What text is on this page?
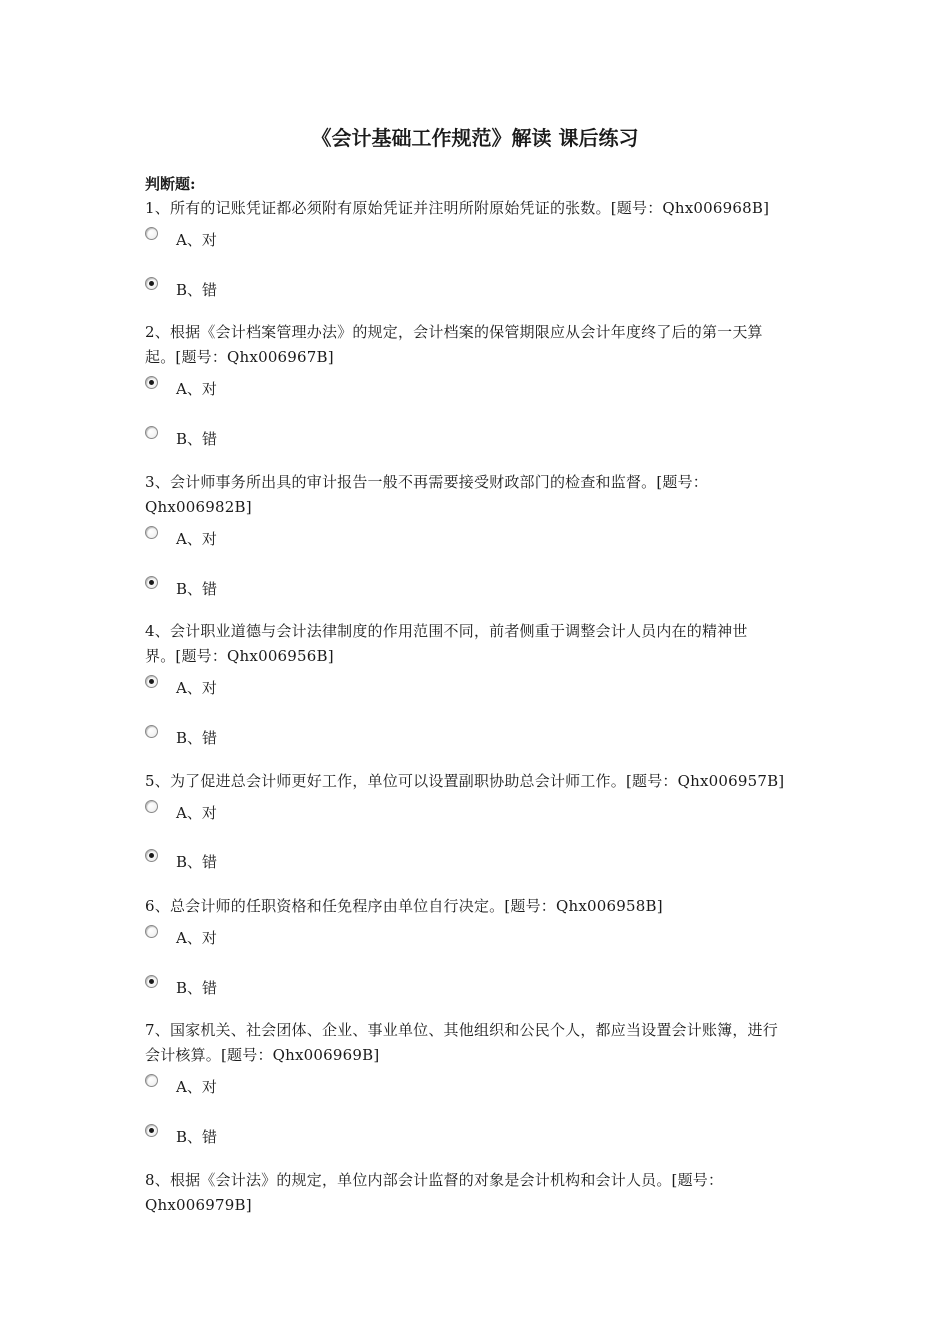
《会计基础工作规范》解读 课后练习
判断题:
1、所有的记账凭证都必须附有原始凭证并注明所附原始凭证的张数。[题号：Qhx006968B]
A、对
B、错
2、根据《会计档案管理办法》的规定，会计档案的保管期限应从会计年度终了后的第一天算
起。[题号：Qhx006967B]
A、对
B、错
3、会计师事务所出具的审计报告一般不再需要接受财政部门的检查和监督。[题号：
Qhx006982B]
A、对
B、错
4、会计职业道德与会计法律制度的作用范围不同，前者侧重于调整会计人员内在的精神世
界。[题号：Qhx006956B]
A、对
B、错
5、为了促进总会计师更好工作，单位可以设置副职协助总会计师工作。[题号：Qhx006957B]
A、对
B、错
6、总会计师的任职资格和任免程序由单位自行决定。[题号：Qhx006958B]
A、对
B、错
7、国家机关、社会团体、企业、事业单位、其他组织和公民个人，都应当设置会计账簿，进行
会计核算。[题号：Qhx006969B]
A、对
B、错
8、根据《会计法》的规定，单位内部会计监督的对象是会计机构和会计人员。[题号：
Qhx006979B]
